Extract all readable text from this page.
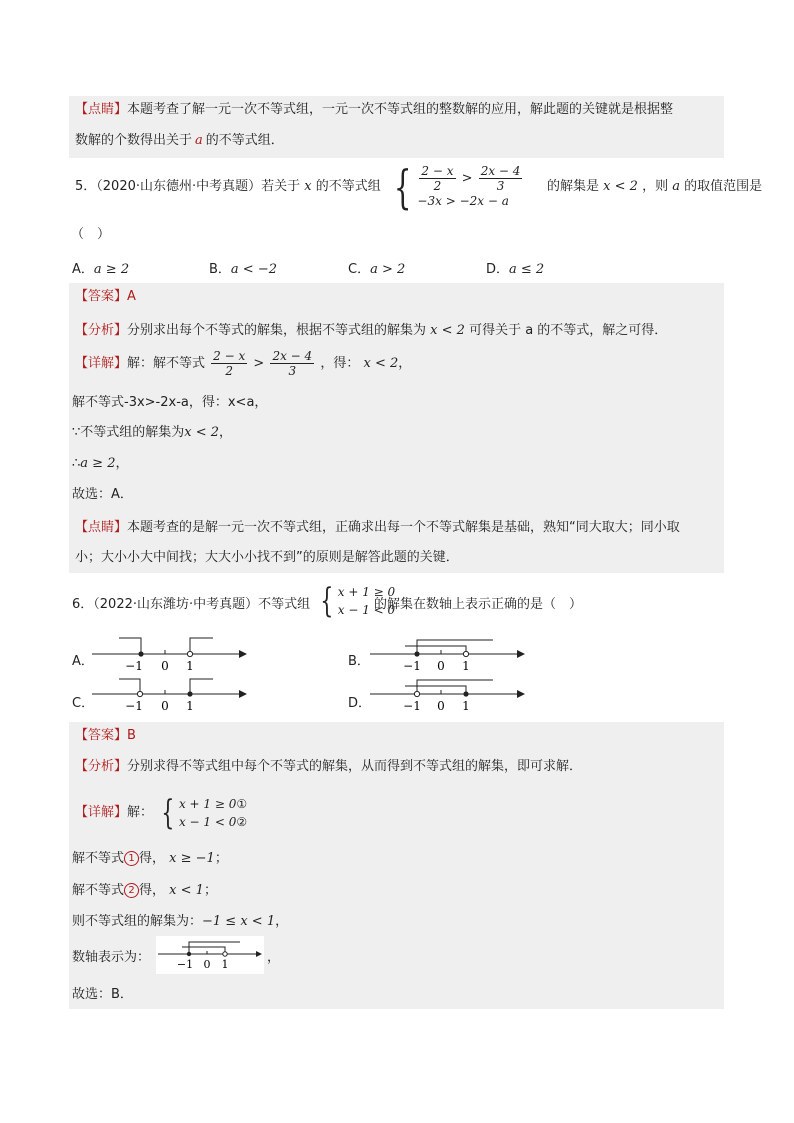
【点睛】本题考查了解一元一次不等式组，一元一次不等式组的整数解的应用，解此题的关键就是根据整
数解的个数得出关于 a 的不等式组．
5．（2020·山东德州·中考真题）若关于 x 的不等式组 { $\frac{2 - x}{2} > \frac{2x - 4}{3}$
−3x > −2x − a
的解集是 x < 2 ，则 a 的取值范围是
（　）
A．a ≥ 2	B．a < −2	C．a > 2	D．a ≤ 2
【答案】A
【分析】分别求出每个不等式的解集，根据不等式组的解集为 x < 2 可得关于 a 的不等式，解之可得．
【详解】解：解不等式 $\frac{2 - x}{2} > \frac{2x - 4}{3}$ ，得： x < 2，
解不等式-3x>-2x-a，得：x<a，
∵不等式组的解集为x < 2，
∴a ≥ 2，
故选：A．
【点睛】本题考查的是解一元一次不等式组，正确求出每一个不等式解集是基础，熟知“同大取大；同小取
小；大小小大中间找；大大小小找不到”的原则是解答此题的关键．
6．（2022·山东潍坊·中考真题）不等式组 { x + 1 ≥ 0
x − 1 < 0
的解集在数轴上表示正确的是（　）
A．	−1 0 1	B．	−1 0 1
C．	−1 0 1	D．	−1 0 1
【答案】B
【分析】分别求得不等式组中每个不等式的解集，从而得到不等式组的解集，即可求解．
【详解】解： { x + 1 ≥ 0①
x − 1 < 0②
解不等式 1 得， x ≥ −1；
解不等式 2 得， x < 1；
则不等式组的解集为：−1 ≤ x < 1，
数轴表示为： −1 0 1	，
故选：B．
